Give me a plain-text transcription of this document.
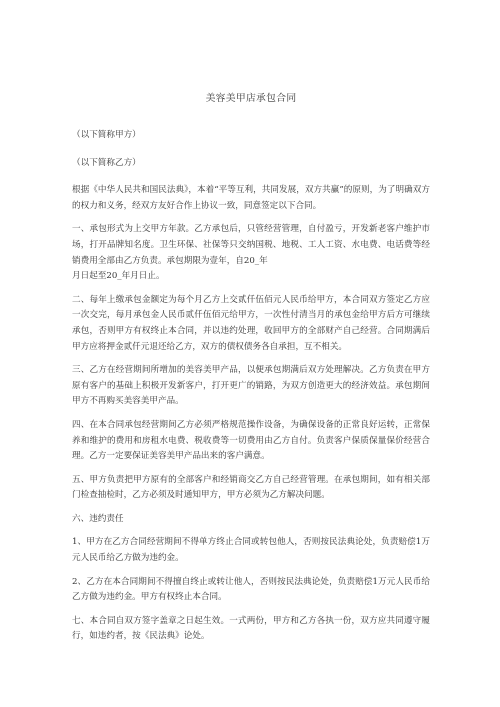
美容美甲店承包合同

（以下简称甲方）

（以下简称乙方）

根据《中华人民共和国民法典》，本着“平等互利，共同发展，双方共赢”的原则，为了明确双方的权力和义务，经双方友好合作上协议一致，同意签定以下合同。

一、承包形式为上交甲方年款。乙方承包后，只管经营管理，自付盈亏，开发新老客户维护市场，打开品牌知名度。卫生环保、社保等只交纳国税、地税、工人工资、水电费、电话费等经销费用全部由乙方负责。承包期限为壹年，自20_年
月日起至20_年月日止。

二、每年上缴承包金额定为每个月乙方上交贰仟伍佰元人民币给甲方，本合同双方签定乙方应一次交完，每月承包金人民币贰仟伍佰元给甲方，一次性付清当月的承包金给甲方后方可继续承包，否则甲方有权终止本合同，并以违约处理，收回甲方的全部财产自己经营。合同期满后甲方应将押金贰仟元退还给乙方，双方的债权债务各自承担，互不相关。

三、乙方在经营期间所增加的美容美甲产品，以便承包期满后双方处理解决。乙方负责在甲方原有客户的基础上积极开发新客户，打开更广的销路，为双方创造更大的经济效益。承包期间甲方不再购买美容美甲产品。

四、在本合同承包经营期间乙方必须严格规范操作设备，为确保设备的正常良好运转，正常保养和维护的费用和房租水电费、税收费等一切费用由乙方自付。负责客户保质保量保价经营合理。乙方一定要保证美容美甲产品出来的客户满意。

五、甲方负责把甲方原有的全部客户和经销商交乙方自己经营管理。在承包期间，如有相关部门检查抽检时，乙方必须及时通知甲方，甲方必须为乙方解决问题。

六、违约责任

1、甲方在乙方合同经营期间不得单方终止合同或转包他人，否则按民法典论处，负责赔偿1万元人民币给乙方做为违约金。

2、乙方在本合同期间不得擅自终止或转让他人，否则按民法典论处，负责赔偿1万元人民币给乙方做为违约金。甲方有权终止本合同。

七、本合同自双方签字盖章之日起生效。一式两份，甲方和乙方各执一份，双方应共同遵守履行，如违约者，按《民法典》论处。
